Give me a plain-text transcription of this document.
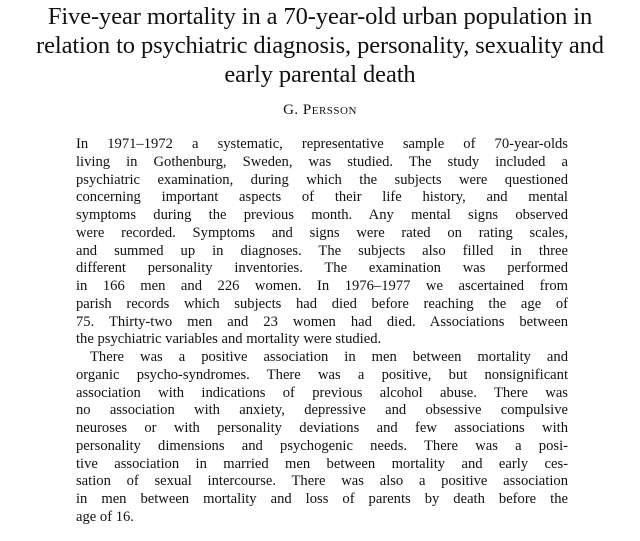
Five-year mortality in a 70-year-old urban population in
relation to psychiatric diagnosis, personality, sexuality and
early parental death
G. Persson

In 1971–1972 a systematic, representative sample of 70-year-olds
living in Gothenburg, Sweden, was studied. The study included a
psychiatric examination, during which the subjects were questioned
concerning important aspects of their life history, and mental
symptoms during the previous month. Any mental signs observed
were recorded. Symptoms and signs were rated on rating scales,
and summed up in diagnoses. The subjects also filled in three
different personality inventories. The examination was performed
in 166 men and 226 women. In 1976–1977 we ascertained from
parish records which subjects had died before reaching the age of
75. Thirty-two men and 23 women had died. Associations between
the psychiatric variables and mortality were studied.

There was a positive association in men between mortality and
organic psycho-syndromes. There was a positive, but nonsignificant
association with indications of previous alcohol abuse. There was
no association with anxiety, depressive and obsessive compulsive
neuroses or with personality deviations and few associations with
personality dimensions and psychogenic needs. There was a posi-
tive association in married men between mortality and early ces-
sation of sexual intercourse. There was also a positive association
in men between mortality and loss of parents by death before the
age of 16.
